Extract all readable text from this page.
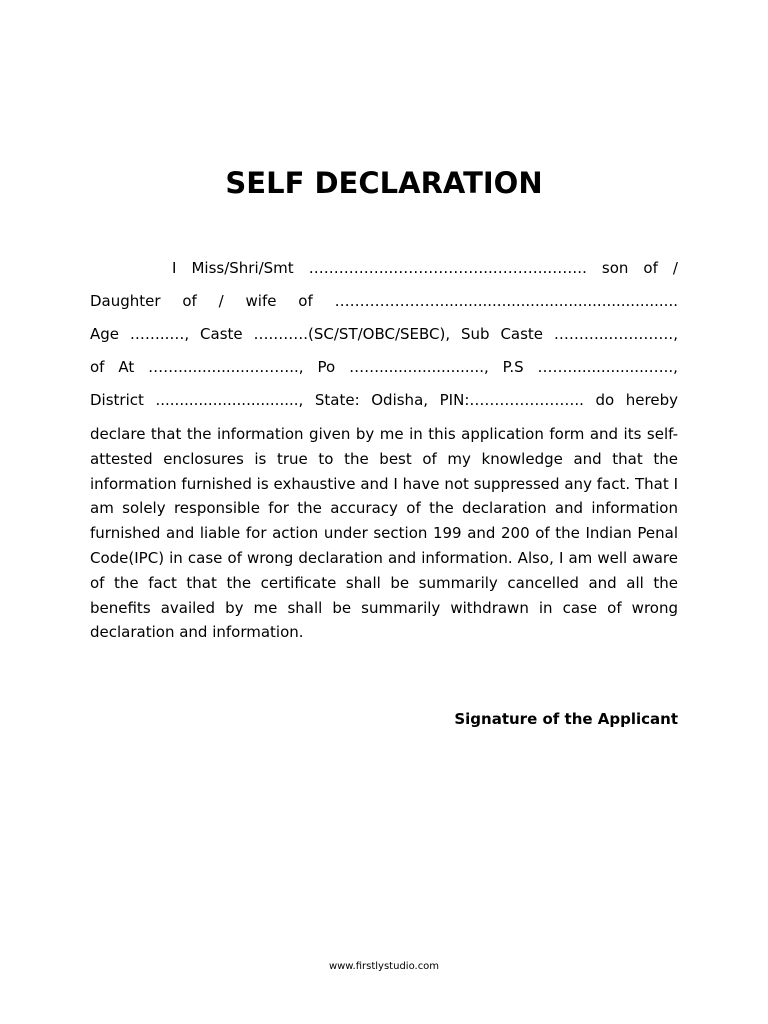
SELF DECLARATION
I Miss/Shri/Smt ……………..………………..………..…….. son of /
Daughter of / wife of …………………..................................................
Age ……..…, Caste ….…….(SC/ST/OBC/SEBC), Sub Caste ………..………….,
of At …….................…….., Po ……......................, P.S …….................…..,
District .............................., State: Odisha, PIN:………………….. do hereby

declare that the information given by me in this application form and its self-attested enclosures is true to the best of my knowledge and that the information furnished is exhaustive and I have not suppressed any fact. That I am solely responsible for the accuracy of the declaration and information furnished and liable for action under section 199 and 200 of the Indian Penal Code(IPC) in case of wrong declaration and information. Also, I am well aware of the fact that the certificate shall be summarily cancelled and all the benefits availed by me shall be summarily withdrawn in case of wrong declaration and information.

Signature of the Applicant

www.firstlystudio.com
